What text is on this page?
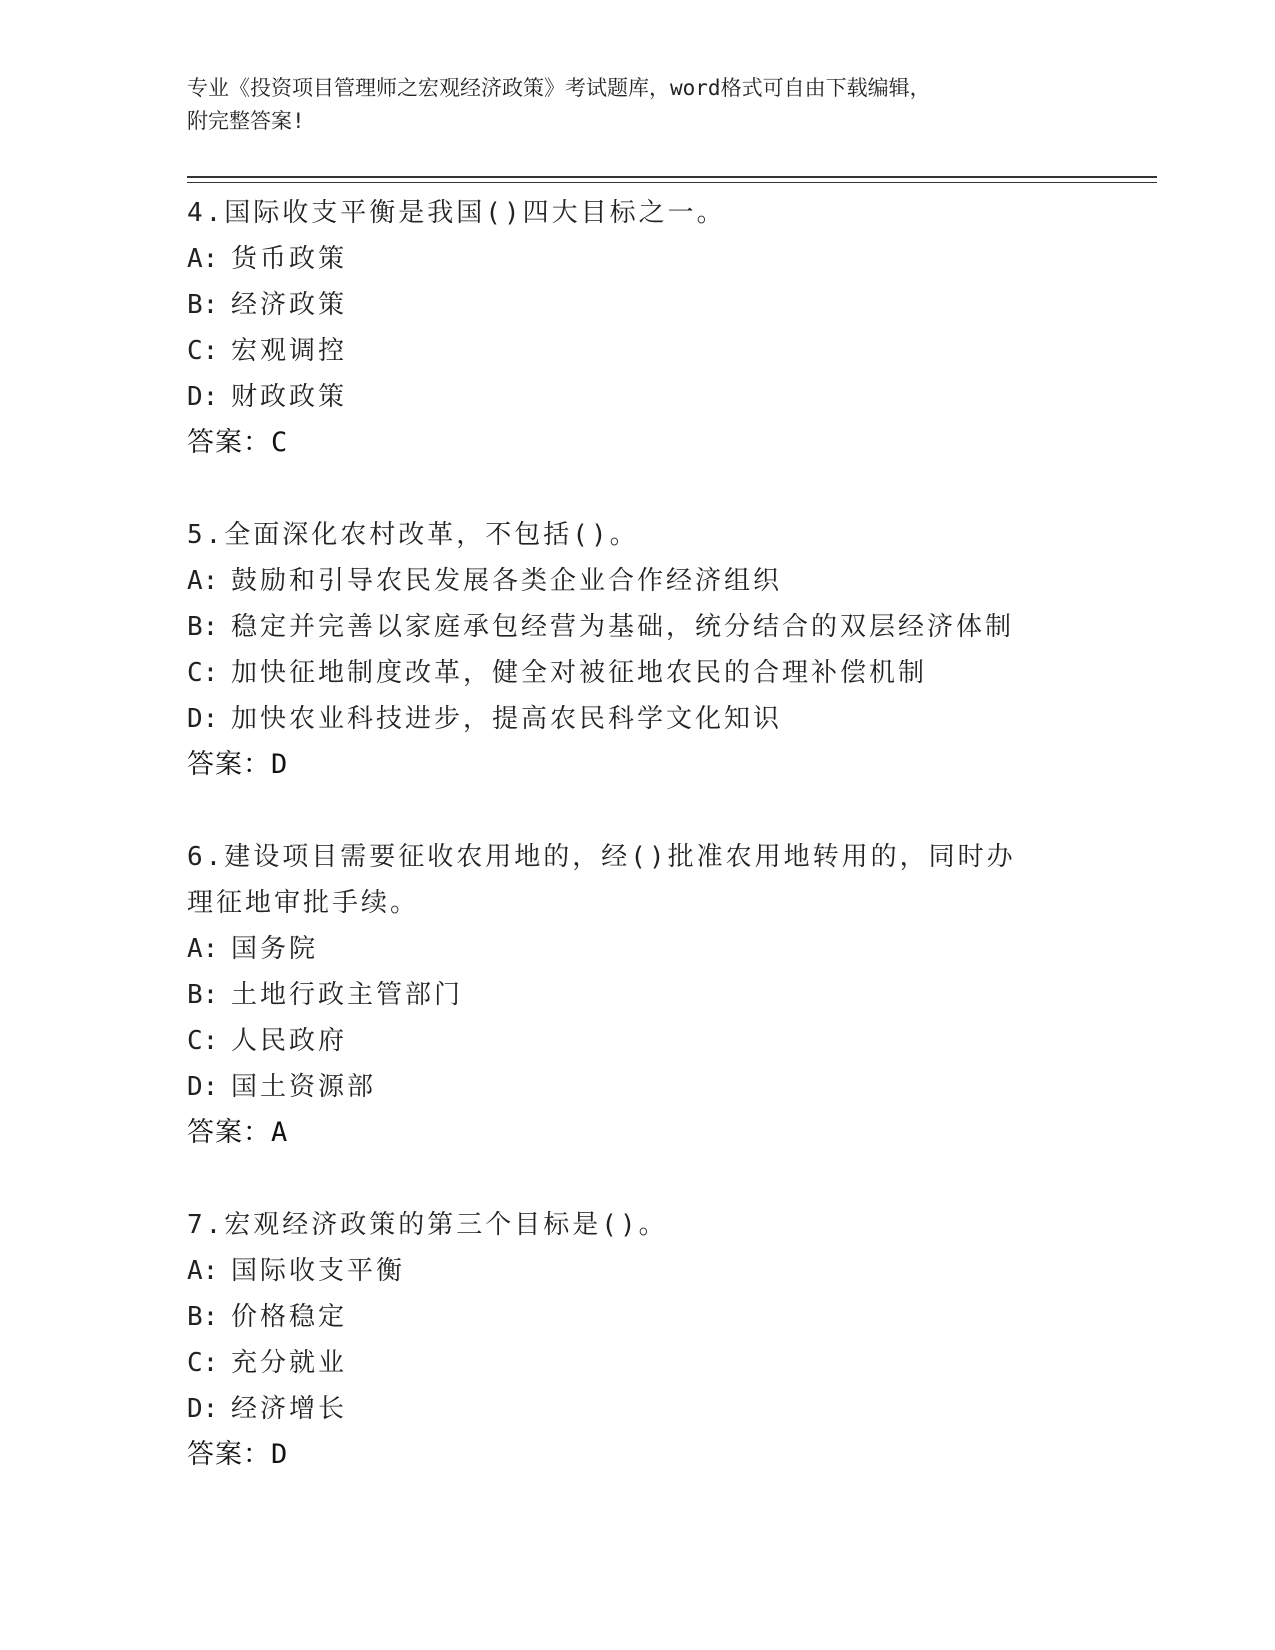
专业《投资项目管理师之宏观经济政策》考试题库，word格式可自由下载编辑，
附完整答案!
4.国际收支平衡是我国()四大目标之一。
A: 货币政策
B: 经济政策
C: 宏观调控
D: 财政政策
答案：C
5.全面深化农村改革，不包括()。
A: 鼓励和引导农民发展各类企业合作经济组织
B: 稳定并完善以家庭承包经营为基础，统分结合的双层经济体制
C: 加快征地制度改革，健全对被征地农民的合理补偿机制
D: 加快农业科技进步，提高农民科学文化知识
答案：D
6.建设项目需要征收农用地的，经()批准农用地转用的，同时办理征地审批手续。
A: 国务院
B: 土地行政主管部门
C: 人民政府
D: 国土资源部
答案：A
7.宏观经济政策的第三个目标是()。
A: 国际收支平衡
B: 价格稳定
C: 充分就业
D: 经济增长
答案：D
